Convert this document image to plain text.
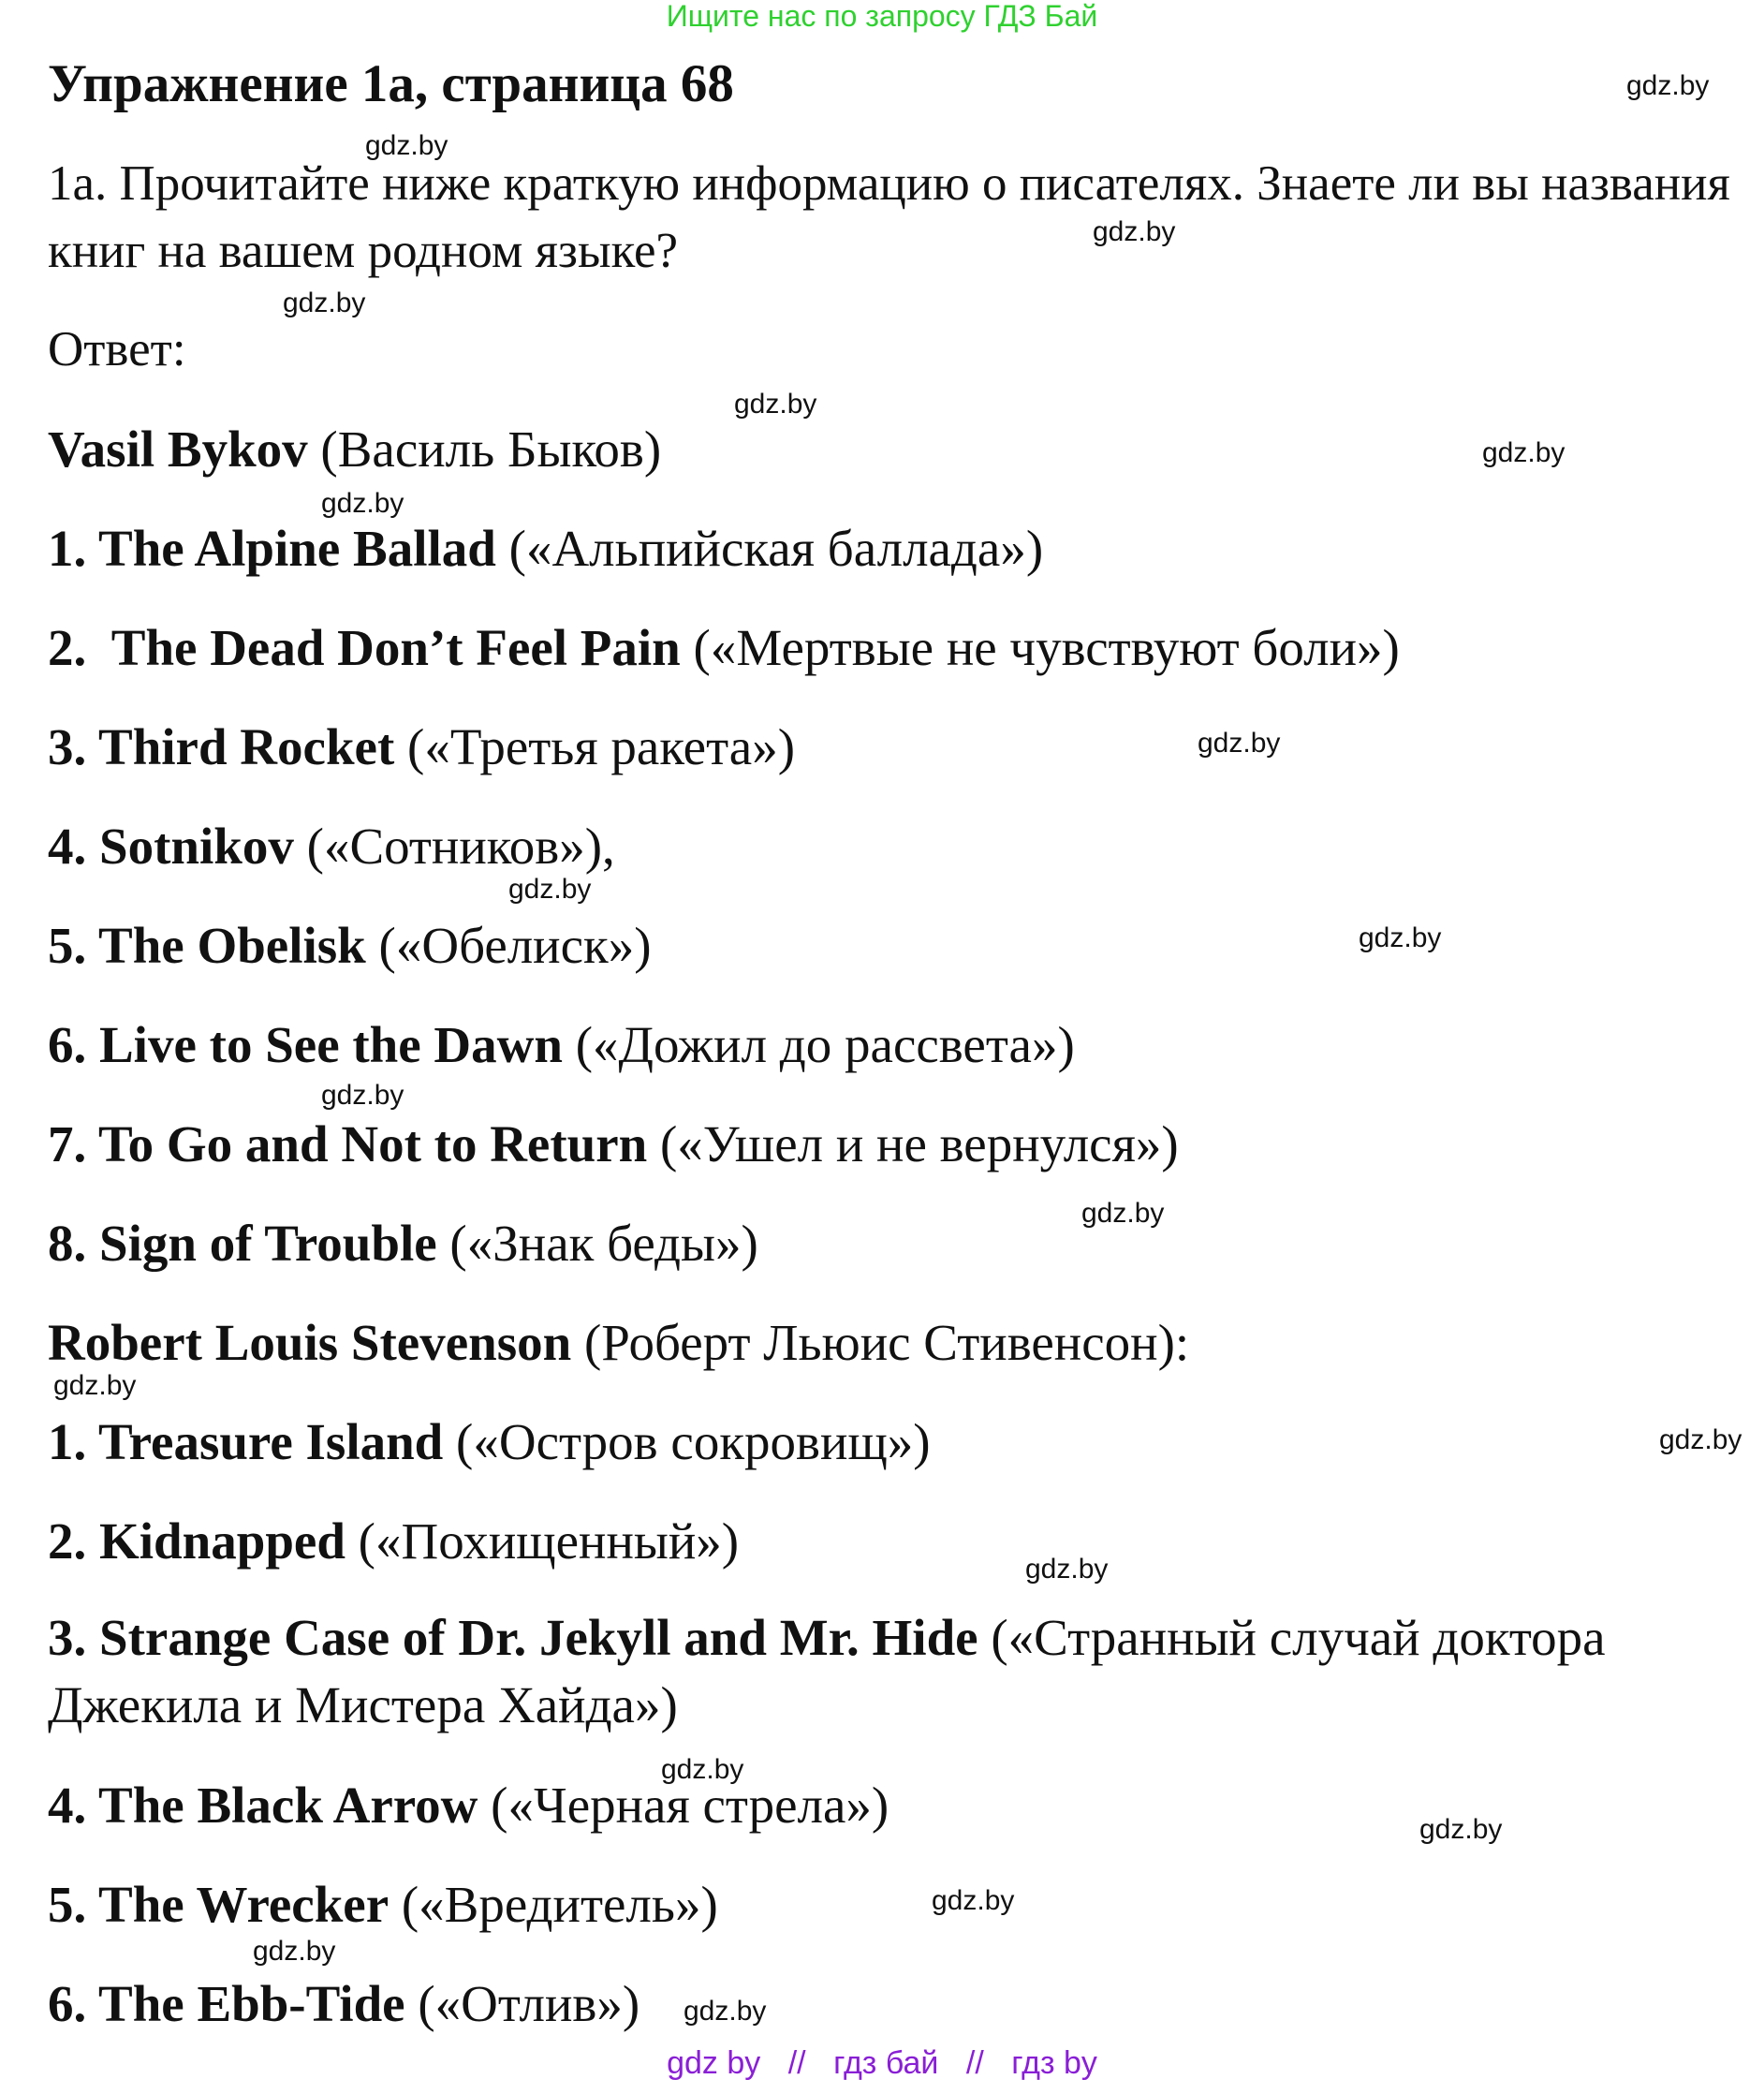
Ищите нас по запросу ГДЗ Бай
Упражнение 1a, страница 68
1a. Прочитайте ниже краткую информацию о писателях. Знаете ли вы названия книг на вашем родном языке?
Ответ:
Vasil Bykov (Василь Быков)
1. The Alpine Ballad («Альпийская баллада»)
2.  The Dead Don’t Feel Pain («Мертвые не чувствуют боли»)
3. Third Rocket («Третья ракета»)
4. Sotnikov («Сотников»),
5. The Obelisk («Обелиск»)
6. Live to See the Dawn («Дожил до рассвета»)
7. To Go and Not to Return («Ушел и не вернулся»)
8. Sign of Trouble («Знак беды»)
Robert Louis Stevenson (Роберт Льюис Стивенсон):
1. Treasure Island («Остров сокровищ»)
2. Kidnapped («Похищенный»)
3. Strange Case of Dr. Jekyll and Mr. Hide («Странный случай доктора Джекила и Мистера Хайда»)
4. The Black Arrow («Черная стрела»)
5. The Wrecker («Вредитель»)
6. The Ebb-Tide («Отлив»)
gdz.by
gdz.by
gdz.by
gdz.by
gdz.by
gdz.by
gdz.by
gdz.by
gdz.by
gdz.by
gdz.by
gdz.by
gdz.by
gdz.by
gdz.by
gdz.by
gdz.by
gdz.by
gdz.by
gdz.by
gdz by // гдз бай // гдз by
